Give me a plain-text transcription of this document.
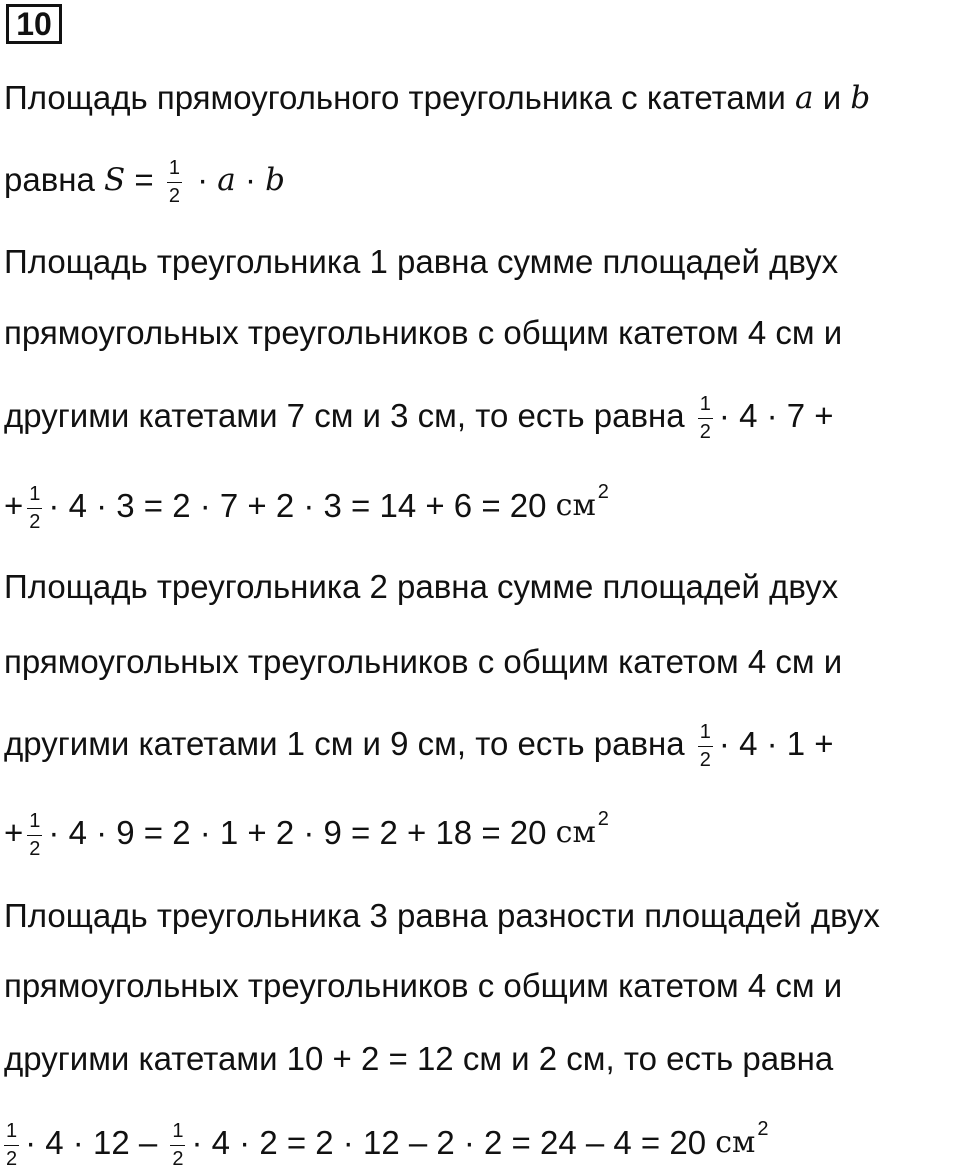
10
Площадь прямоугольного треугольника с катетами a и b
равна $S = \frac{1}{2} \cdot a \cdot b$
Площадь треугольника 1 равна сумме площадей двух
прямоугольных треугольников с общим катетом 4 см и
другими катетами 7 см и 3 см, то есть равна $\frac{1}{2} \cdot 4 \cdot 7$ +
+ $\frac{1}{2} \cdot 4 \cdot 3 = 2 \cdot 7 + 2 \cdot 3 = 14 + 6 = 20$ см 2
Площадь треугольника 2 равна сумме площадей двух
прямоугольных треугольников с общим катетом 4 см и
другими катетами 1 см и 9 см, то есть равна $\frac{1}{2} \cdot 4 \cdot 1$ +
+ $\frac{1}{2} \cdot 4 \cdot 9 = 2 \cdot 1 + 2 \cdot 9 = 2 + 18 = 20$ см 2
Площадь треугольника 3 равна разности площадей двух
прямоугольных треугольников с общим катетом 4 см и
другими катетами 10 + 2 = 12 см и 2 см, то есть равна
$\frac{1}{2} \cdot 4 \cdot 12 - \frac{1}{2} \cdot 4 \cdot 2 = 2 \cdot 12 - 2 \cdot 2 = 24 - 4 = 20$ см 2
